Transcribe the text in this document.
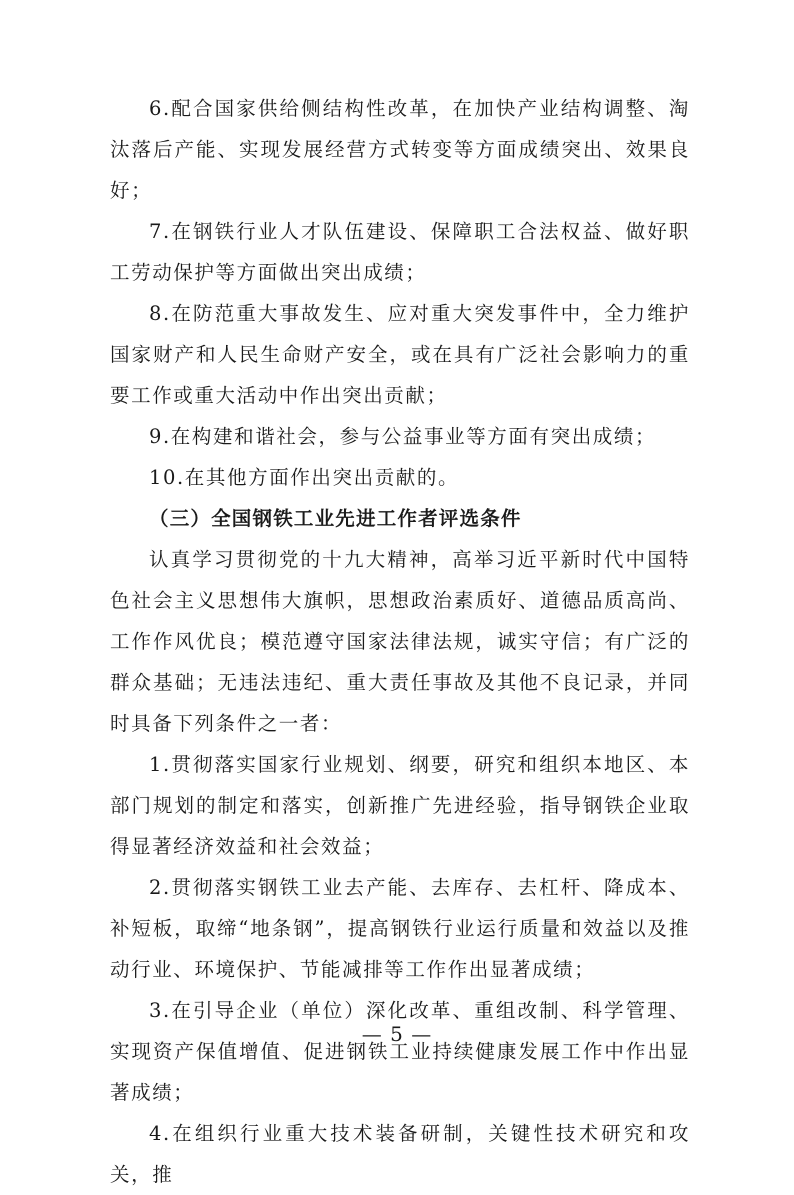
6.配合国家供给侧结构性改革，在加快产业结构调整、淘汰落后产能、实现发展经营方式转变等方面成绩突出、效果良好；

7.在钢铁行业人才队伍建设、保障职工合法权益、做好职工劳动保护等方面做出突出成绩；

8.在防范重大事故发生、应对重大突发事件中，全力维护国家财产和人民生命财产安全，或在具有广泛社会影响力的重要工作或重大活动中作出突出贡献；

9.在构建和谐社会，参与公益事业等方面有突出成绩；

10.在其他方面作出突出贡献的。

（三）全国钢铁工业先进工作者评选条件

认真学习贯彻党的十九大精神，高举习近平新时代中国特色社会主义思想伟大旗帜，思想政治素质好、道德品质高尚、工作作风优良；模范遵守国家法律法规，诚实守信；有广泛的群众基础；无违法违纪、重大责任事故及其他不良记录，并同时具备下列条件之一者：

1.贯彻落实国家行业规划、纲要，研究和组织本地区、本部门规划的制定和落实，创新推广先进经验，指导钢铁企业取得显著经济效益和社会效益；

2.贯彻落实钢铁工业去产能、去库存、去杠杆、降成本、补短板，取缔“地条钢”，提高钢铁行业运行质量和效益以及推动行业、环境保护、节能减排等工作作出显著成绩；

3.在引导企业（单位）深化改革、重组改制、科学管理、实现资产保值增值、促进钢铁工业持续健康发展工作中作出显著成绩；

4.在组织行业重大技术装备研制，关键性技术研究和攻关，推

— 5 —
